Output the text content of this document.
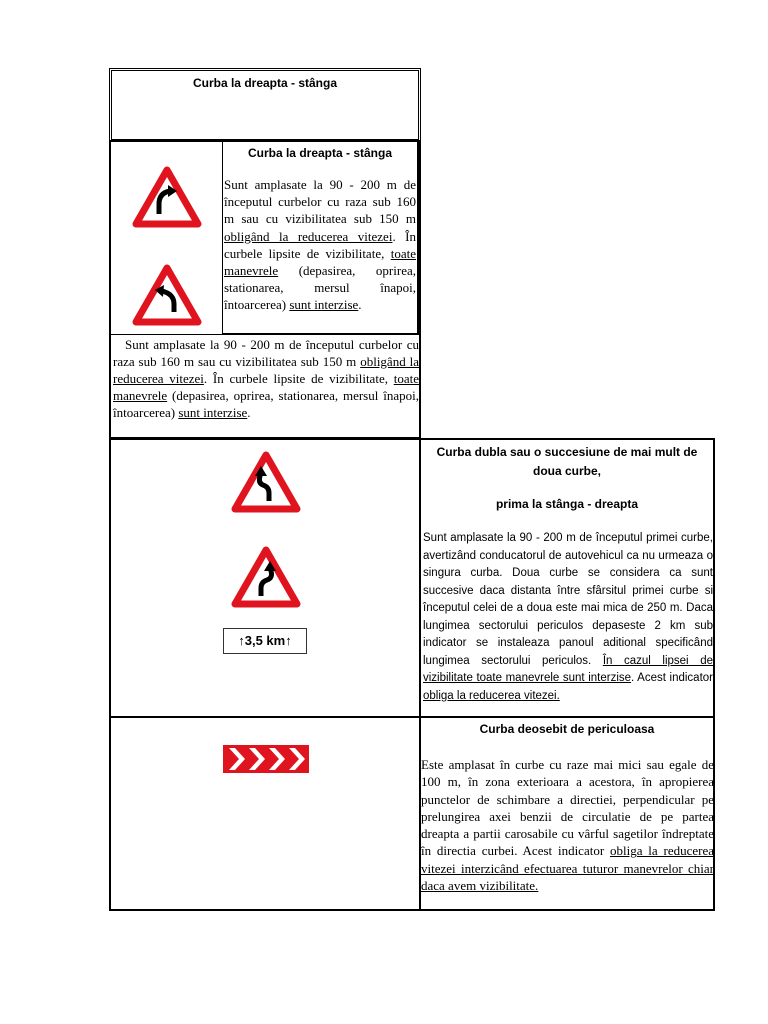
Curba la dreapta - stânga
Curba la dreapta - stânga
Sunt amplasate la 90 - 200 m de începutul curbelor cu raza sub 160 m sau cu vizibilitatea sub 150 m obligând la reducerea vitezei. În curbele lipsite de vizibilitate, toate manevrele (depasirea, oprirea, stationarea, mersul înapoi, întoarcerea) sunt interzise.
Sunt amplasate la 90 - 200 m de începutul curbelor cu raza sub 160 m sau cu vizibilitatea sub 150 m obligând la reducerea vitezei. În curbele lipsite de vizibilitate, toate manevrele (depasirea, oprirea, stationarea, mersul înapoi, întoarcerea) sunt interzise.
↑3,5 km↑
Curba dubla sau o succesiune de mai mult de doua curbe,
prima la stânga - dreapta
Sunt amplasate la 90 - 200 m de începutul primei curbe, avertizând conducatorul de autovehicul ca nu urmeaza o singura curba. Doua curbe se considera ca sunt succesive daca distanta între sfârsitul primei curbe si începutul celei de a doua este mai mica de 250 m. Daca lungimea sectorului periculos depaseste 2 km sub indicator se instaleaza panoul aditional specificând lungimea sectorului periculos. În cazul lipsei de vizibilitate toate manevrele sunt interzise. Acest indicator obliga la reducerea vitezei.
Curba deosebit de periculoasa
Este amplasat în curbe cu raze mai mici sau egale de 100 m, în zona exterioara a acestora, în apropierea punctelor de schimbare a directiei, perpendicular pe prelungirea axei benzii de circulatie de pe partea dreapta a partii carosabile cu vârful sagetilor îndreptate în directia curbei. Acest indicator obliga la reducerea vitezei interzicând efectuarea tuturor manevrelor chiar daca avem vizibilitate.
